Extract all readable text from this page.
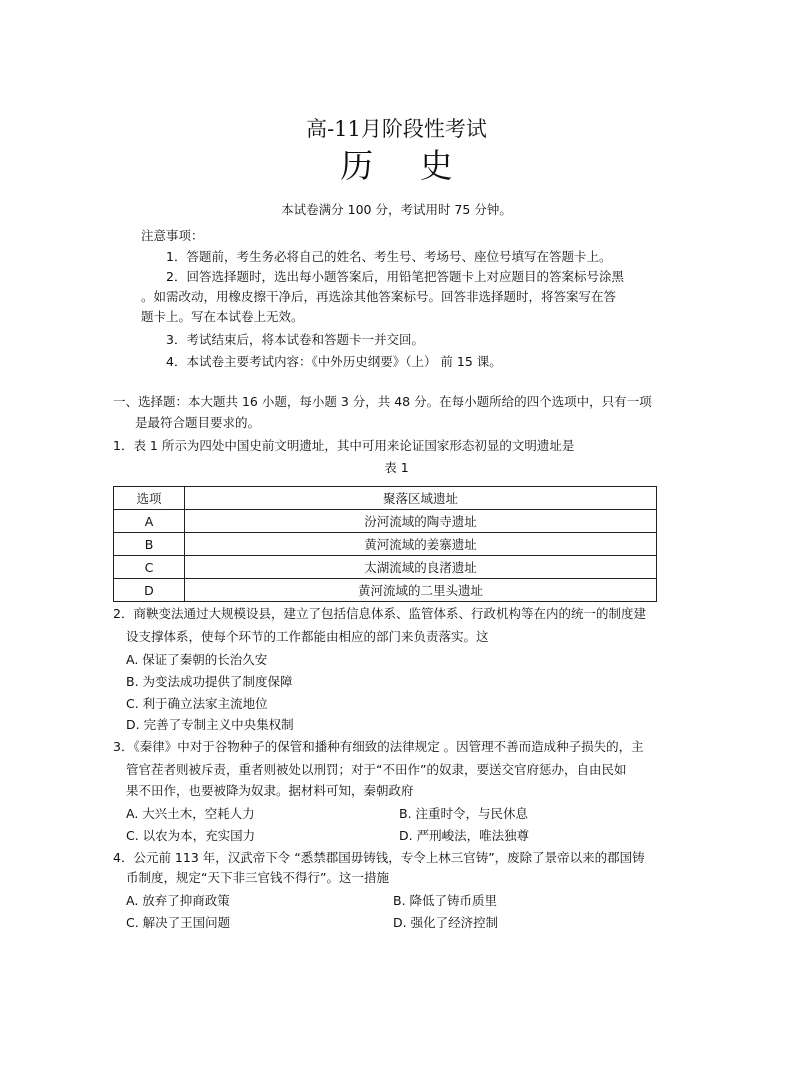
高-11月阶段性考试
历 史
本试卷满分 100 分，考试用时 75 分钟。
注意事项：
1．答题前，考生务必将自己的姓名、考生号、考场号、座位号填写在答题卡上。
2．回答选择题时，选出每小题答案后，用铅笔把答题卡上对应题目的答案标号涂黑
。如需改动，用橡皮擦干净后，再选涂其他答案标号。回答非选择题时，将答案写在答
题卡上。写在本试卷上无效。
3．考试结束后，将本试卷和答题卡一并交回。
4．本试卷主要考试内容：《中外历史纲要》（上） 前 15 课。
一、选择题：本大题共 16 小题，每小题 3 分，共 48 分。在每小题所给的四个选项中，只有一项
是最符合题目要求的。
1．表 1 所示为四处中国史前文明遗址，其中可用来论证国家形态初显的文明遗址是
表 1
选项	聚落区域遗址
A	汾河流域的陶寺遗址
B	黄河流域的姜寨遗址
C	太湖流域的良渚遗址
D	黄河流域的二里头遗址
2．商鞅变法通过大规模设县，建立了包括信息体系、监管体系、行政机构等在内的统一的制度建
设支撑体系，使每个环节的工作都能由相应的部门来负责落实。这
A. 保证了秦朝的长治久安
B. 为变法成功提供了制度保障
C. 利于确立法家主流地位
D. 完善了专制主义中央集权制
3．《秦律》中对于谷物种子的保管和播种有细致的法律规定 。因管理不善而造成种子损失的，主
管官茬者则被斥责，重者则被处以刑罚；对于“不田作”的奴隶，要送交官府惩办，自由民如
果不田作，也要被降为奴隶。据材料可知，秦朝政府
A. 大兴土木，空耗人力	B. 注重时令，与民休息
C. 以农为本，充实国力	D. 严刑峻法，唯法独尊
4．公元前 113 年，汉武帝下令 “悉禁郡国毋铸钱，专令上林三官铸”，废除了景帝以来的郡国铸
币制度，规定“天下非三官钱不得行”。这一措施
A. 放弃了抑商政策	B. 降低了铸币质里
C. 解决了王国问题	D. 强化了经济控制
